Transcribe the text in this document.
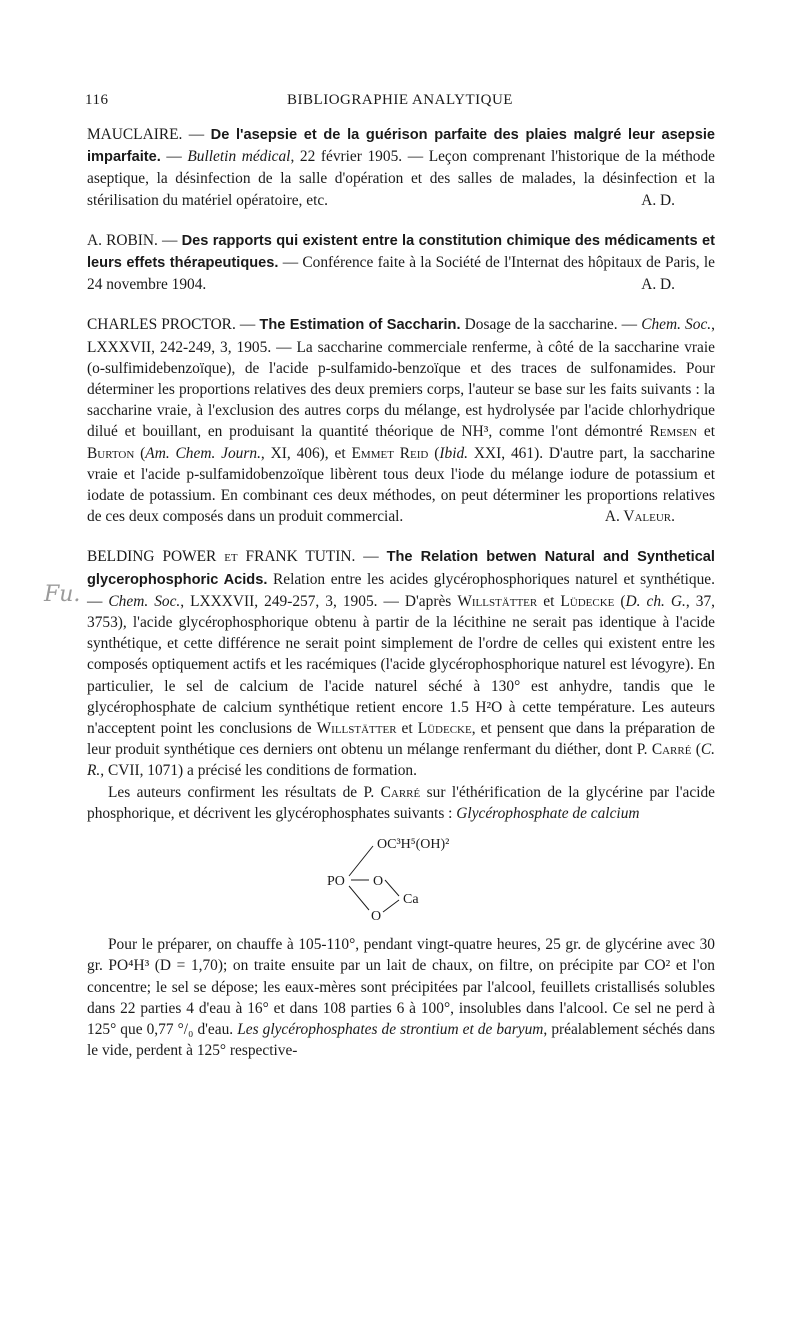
116	BIBLIOGRAPHIE ANALYTIQUE
Fu.

MAUCLAIRE. — De l'asepsie et de la guérison parfaite des plaies malgré leur asepsie imparfaite. — Bulletin médical, 22 février 1905. — Leçon comprenant l'historique de la méthode aseptique, la désinfection de la salle d'opération et des salles de malades, la désinfection et la stérilisation du matériel opératoire, etc.	A. D.

A. ROBIN. — Des rapports qui existent entre la constitution chimique des médicaments et leurs effets thérapeutiques. — Conférence faite à la Société de l'Internat des hôpitaux de Paris, le 24 novembre 1904.	A. D.

CHARLES PROCTOR. — The Estimation of Saccharin. Dosage de la saccharine. — Chem. Soc., LXXXVII, 242-249, 3, 1905. — La saccharine commerciale renferme, à côté de la saccharine vraie (o-sulfimidebenzoïque), de l'acide p-sulfamido-benzoïque et des traces de sulfonamides. Pour déterminer les proportions relatives des deux premiers corps, l'auteur se base sur les faits suivants : la saccharine vraie, à l'exclusion des autres corps du mélange, est hydrolysée par l'acide chlorhydrique dilué et bouillant, en produisant la quantité théorique de NH³, comme l'ont démontré Remsen et Burton (Am. Chem. Journ., XI, 406), et Emmet Reid (Ibid. XXI, 461). D'autre part, la saccharine vraie et l'acide p-sulfamidobenzoïque libèrent tous deux l'iode du mélange iodure de potassium et iodate de potassium. En combinant ces deux méthodes, on peut déterminer les proportions relatives de ces deux composés dans un produit commercial.	A. Valeur.

BELDING POWER et FRANK TUTIN. — The Relation betwen Natural and Synthetical glycerophosphoric Acids. Relation entre les acides glycérophosphoriques naturel et synthétique. — Chem. Soc., LXXXVII, 249-257, 3, 1905. — D'après Willstätter et Lüdecke (D. ch. G., 37, 3753), l'acide glycérophosphorique obtenu à partir de la lécithine ne serait pas identique à l'acide synthétique, et cette différence ne serait point simplement de l'ordre de celles qui existent entre les composés optiquement actifs et les racémiques (l'acide glycérophosphorique naturel est lévogyre). En particulier, le sel de calcium de l'acide naturel séché à 130° est anhydre, tandis que le glycérophosphate de calcium synthétique retient encore 1.5 H²O à cette température. Les auteurs n'acceptent point les conclusions de Willstätter et Lüdecke, et pensent que dans la préparation de leur produit synthétique ces derniers ont obtenu un mélange renfermant du diéther, dont P. Carré (C. R., CVII, 1071) a précisé les conditions de formation.

Les auteurs confirment les résultats de P. Carré sur l'éthérification de la glycérine par l'acide phosphorique, et décrivent les glycérophosphates suivants : Glycérophosphate de calcium

OC³H⁵(OH)²
PO O
O
Ca

Pour le préparer, on chauffe à 105-110°, pendant vingt-quatre heures, 25 gr. de glycérine avec 30 gr. PO⁴H³ (D = 1,70); on traite ensuite par un lait de chaux, on filtre, on précipite par CO² et l'on concentre; le sel se dépose; les eaux-mères sont précipitées par l'alcool, feuillets cristallisés solubles dans 22 parties 4 d'eau à 16° et dans 108 parties 6 à 100°, insolubles dans l'alcool. Ce sel ne perd à 125° que 0,77 °/₀ d'eau. Les glycérophosphates de strontium et de baryum, préalablement séchés dans le vide, perdent à 125° respective-
